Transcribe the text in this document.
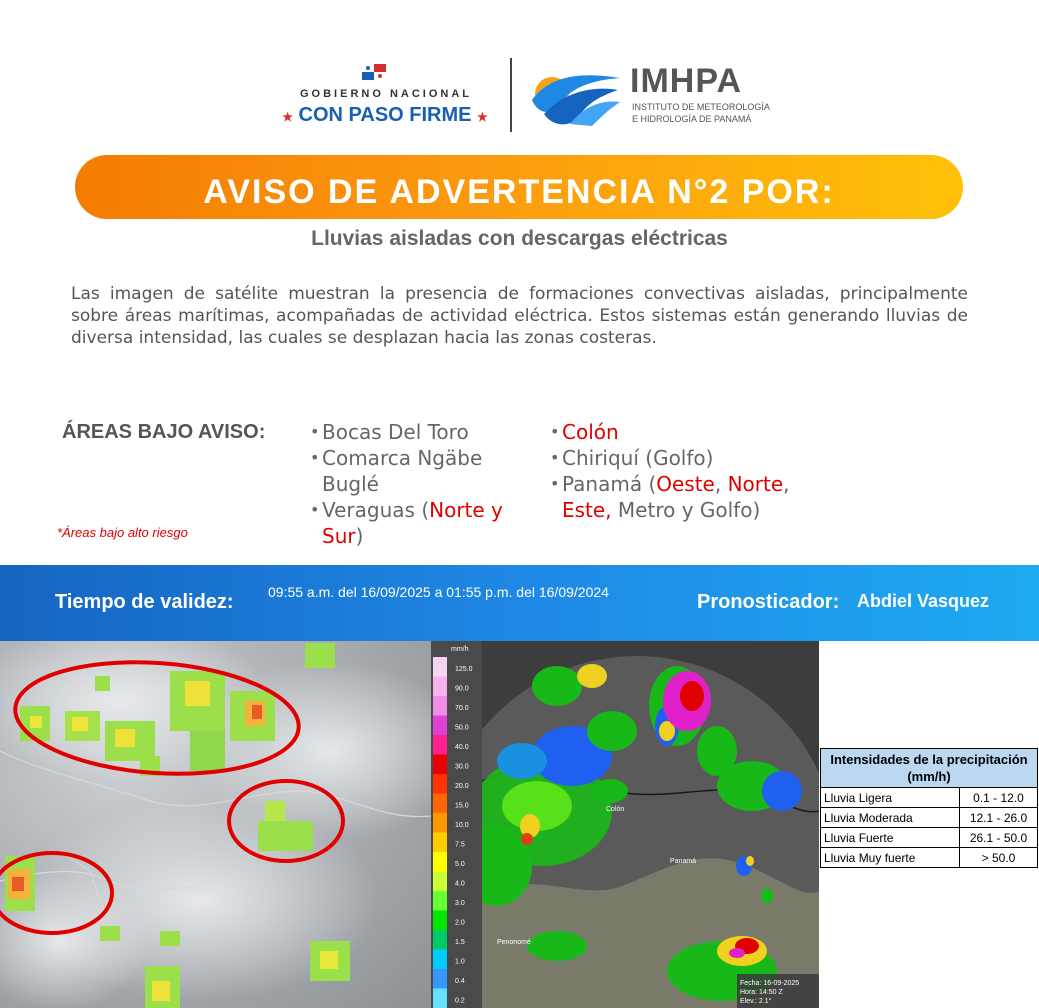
GOBIERNO NACIONAL
★ CON PASO FIRME ★
IMHPA
INSTITUTO DE METEOROLOGÍA
E HIDROLOGÍA DE PANAMÁ
AVISO DE ADVERTENCIA N°2 POR:
Lluvias aisladas con descargas eléctricas

Las imagen de satélite muestran la presencia de formaciones convectivas aisladas, principalmente sobre áreas marítimas, acompañadas de actividad eléctrica. Estos sistemas están generando lluvias de diversa intensidad, las cuales se desplazan hacia las zonas costeras.

ÁREAS BAJO AVISO:	• Bocas Del Toro
• Comarca Ngäbe Buglé
• Veraguas (Norte y Sur)
• Colón
• Chiriquí (Golfo)
• Panamá (Oeste, Norte, Este, Metro y Golfo)
*Áreas bajo alto riesgo
Tiempo de validez: 09:55 a.m. del 16/09/2025 a 01:55 p.m. del 16/09/2024	Pronosticador: Abdiel Vasquez
mm/h
125.0
90.0
70.0
50.0
40.0
30.0
20.0
15.0
10.0
7.5
5.0
4.0
3.0
2.0
1.5
1.0
0.4
0.2
Colón
Panamá
Penonomé
Fecha: 16-09-2025
Hora: 14:50 Z
Elev.: 2.1°
Intensidades de la precipitación (mm/h)	
Lluvia Ligera	0.1 - 12.0
Lluvia Moderada	12.1 - 26.0
Lluvia Fuerte	26.1 - 50.0
Lluvia Muy fuerte	> 50.0
